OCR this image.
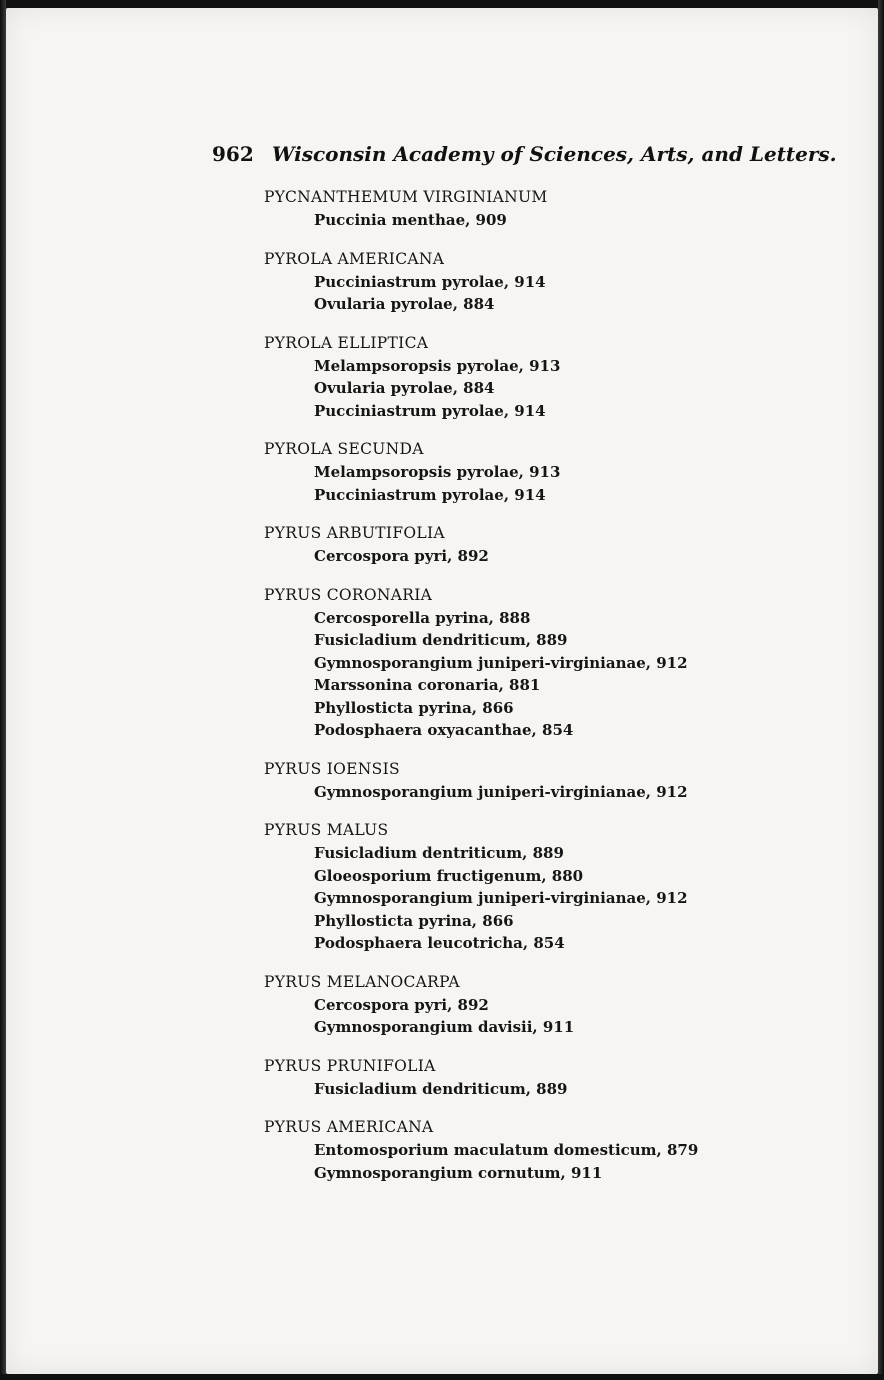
962 Wisconsin Academy of Sciences, Arts, and Letters.
PYCNANTHEMUM VIRGINIANUM
Puccinia menthae, 909
PYROLA AMERICANA
Pucciniastrum pyrolae, 914
Ovularia pyrolae, 884
PYROLA ELLIPTICA
Melampsoropsis pyrolae, 913
Ovularia pyrolae, 884
Pucciniastrum pyrolae, 914
PYROLA SECUNDA
Melampsoropsis pyrolae, 913
Pucciniastrum pyrolae, 914
PYRUS ARBUTIFOLIA
Cercospora pyri, 892
PYRUS CORONARIA
Cercosporella pyrina, 888
Fusicladium dendriticum, 889
Gymnosporangium juniperi-virginianae, 912
Marssonina coronaria, 881
Phyllosticta pyrina, 866
Podosphaera oxyacanthae, 854
PYRUS IOENSIS
Gymnosporangium juniperi-virginianae, 912
PYRUS MALUS
Fusicladium dentriticum, 889
Gloeosporium fructigenum, 880
Gymnosporangium juniperi-virginianae, 912
Phyllosticta pyrina, 866
Podosphaera leucotricha, 854
PYRUS MELANOCARPA
Cercospora pyri, 892
Gymnosporangium davisii, 911
PYRUS PRUNIFOLIA
Fusicladium dendriticum, 889
PYRUS AMERICANA
Entomosporium maculatum domesticum, 879
Gymnosporangium cornutum, 911
